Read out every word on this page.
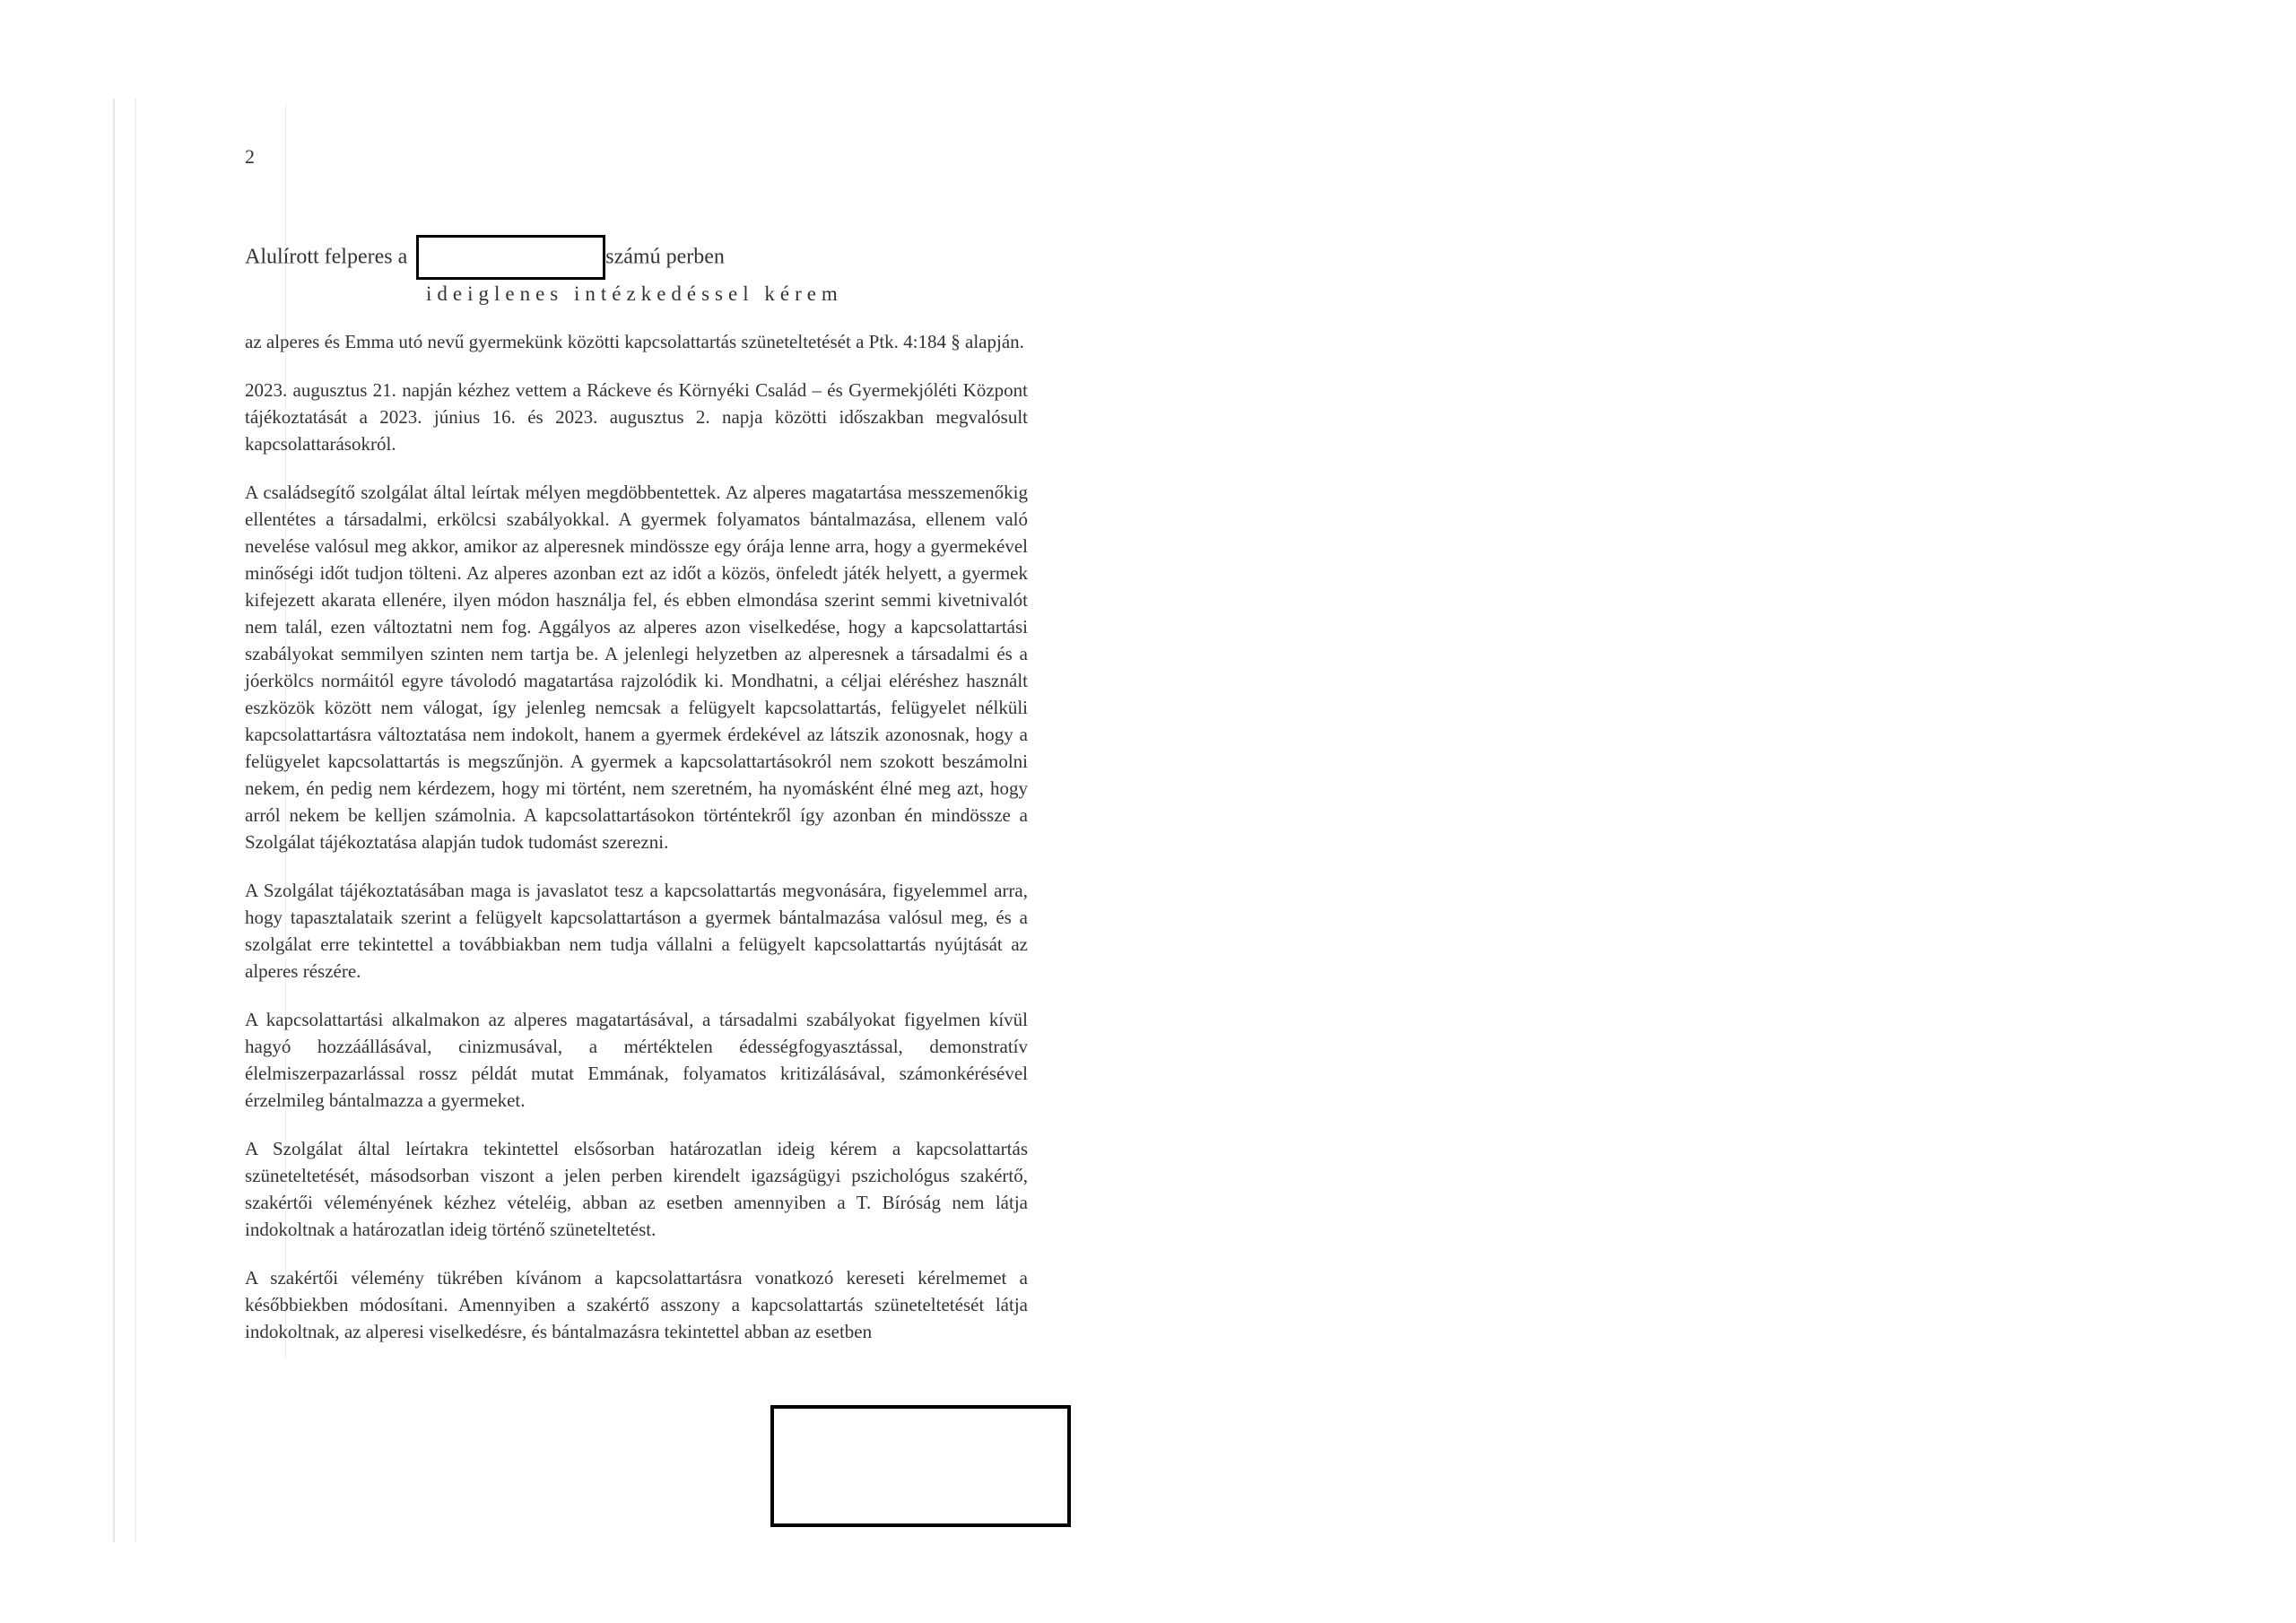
2
Alulírott felperes a	számú perben
ideiglenes intézkedéssel kérem

az alperes és Emma utó nevű gyermekünk közötti kapcsolattartás szüneteltetését a Ptk. 4:184 § alapján.

2023. augusztus 21. napján kézhez vettem a Ráckeve és Környéki Család – és Gyermekjóléti Központ tájékoztatását a 2023. június 16. és 2023. augusztus 2. napja közötti időszakban megvalósult kapcsolattarásokról.

A családsegítő szolgálat által leírtak mélyen megdöbbentettek. Az alperes magatartása messzemenőkig ellentétes a társadalmi, erkölcsi szabályokkal. A gyermek folyamatos bántalmazása, ellenem való nevelése valósul meg akkor, amikor az alperesnek mindössze egy órája lenne arra, hogy a gyermekével minőségi időt tudjon tölteni. Az alperes azonban ezt az időt a közös, önfeledt játék helyett, a gyermek kifejezett akarata ellenére, ilyen módon használja fel, és ebben elmondása szerint semmi kivetnivalót nem talál, ezen változtatni nem fog. Aggályos az alperes azon viselkedése, hogy a kapcsolattartási szabályokat semmilyen szinten nem tartja be. A jelenlegi helyzetben az alperesnek a társadalmi és a jóerkölcs normáitól egyre távolodó magatartása rajzolódik ki. Mondhatni, a céljai eléréshez használt eszközök között nem válogat, így jelenleg nemcsak a felügyelt kapcsolattartás, felügyelet nélküli kapcsolattartásra változtatása nem indokolt, hanem a gyermek érdekével az látszik azonosnak, hogy a felügyelet kapcsolattartás is megszűnjön. A gyermek a kapcsolattartásokról nem szokott beszámolni nekem, én pedig nem kérdezem, hogy mi történt, nem szeretném, ha nyomásként élné meg azt, hogy arról nekem be kelljen számolnia. A kapcsolattartásokon történtekről így azonban én mindössze a Szolgálat tájékoztatása alapján tudok tudomást szerezni.

A Szolgálat tájékoztatásában maga is javaslatot tesz a kapcsolattartás megvonására, figyelemmel arra, hogy tapasztalataik szerint a felügyelt kapcsolattartáson a gyermek bántalmazása valósul meg, és a szolgálat erre tekintettel a továbbiakban nem tudja vállalni a felügyelt kapcsolattartás nyújtását az alperes részére.

A kapcsolattartási alkalmakon az alperes magatartásával, a társadalmi szabályokat figyelmen kívül hagyó hozzáállásával, cinizmusával, a mértéktelen édességfogyasztással, demonstratív élelmiszerpazarlással rossz példát mutat Emmának, folyamatos kritizálásával, számonkérésével érzelmileg bántalmazza a gyermeket.

A Szolgálat által leírtakra tekintettel elsősorban határozatlan ideig kérem a kapcsolattartás szüneteltetését, másodsorban viszont a jelen perben kirendelt igazságügyi pszichológus szakértő, szakértői véleményének kézhez vételéig, abban az esetben amennyiben a T. Bíróság nem látja indokoltnak a határozatlan ideig történő szüneteltetést.

A szakértői vélemény tükrében kívánom a kapcsolattartásra vonatkozó kereseti kérelmemet a későbbiekben módosítani. Amennyiben a szakértő asszony a kapcsolattartás szüneteltetését látja indokoltnak, az alperesi viselkedésre, és bántalmazásra tekintettel abban az esetben
